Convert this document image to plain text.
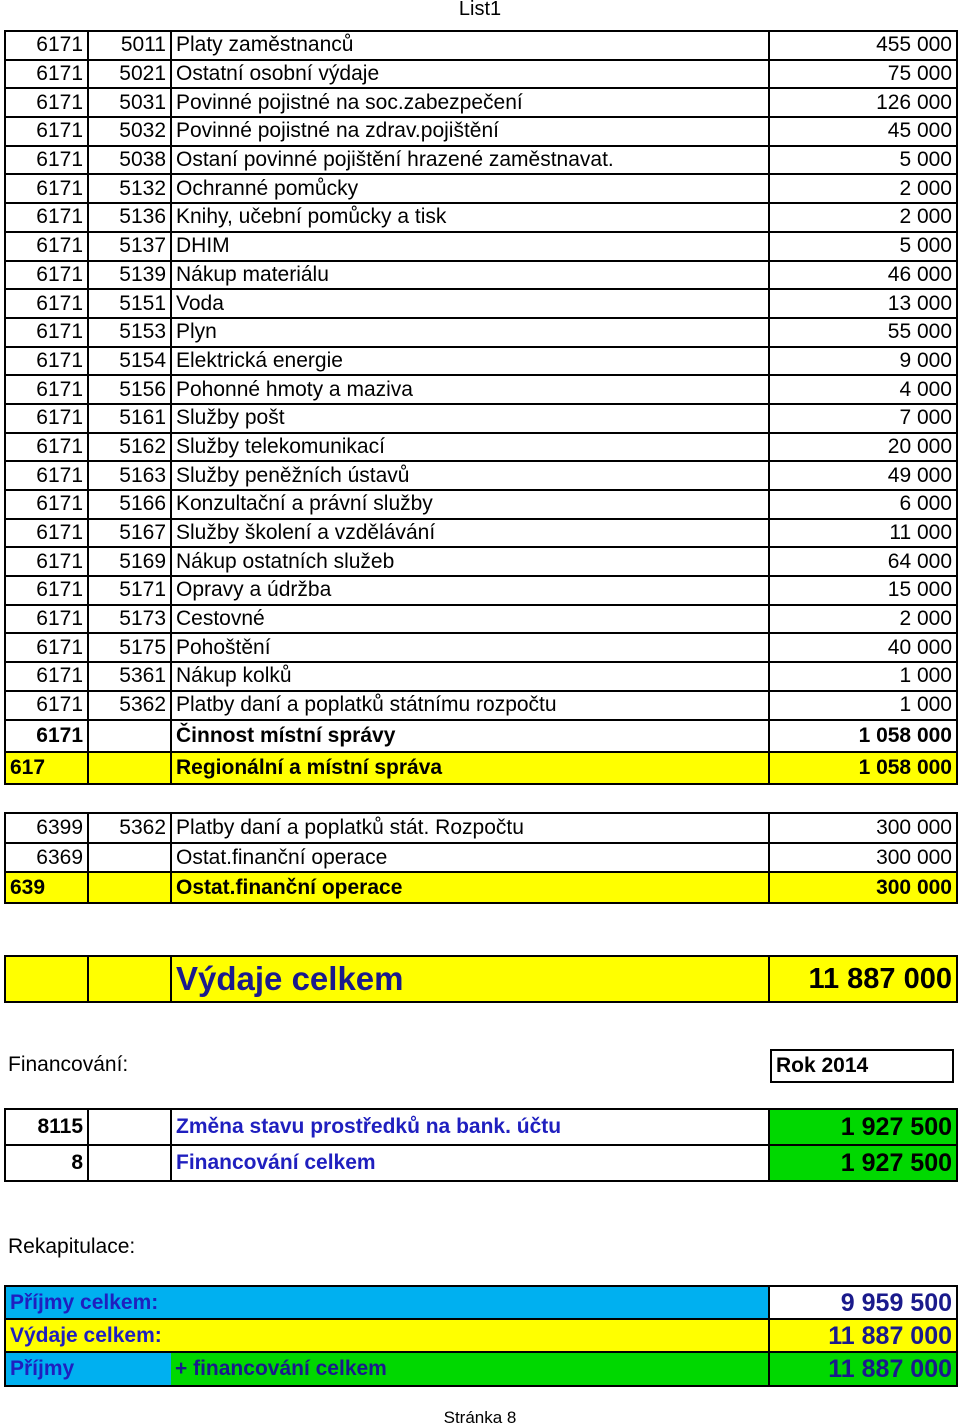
List1
6171	5011	Platy zaměstnanců	455 000
6171	5021	Ostatní osobní výdaje	75 000
6171	5031	Povinné pojistné na soc.zabezpečení	126 000
6171	5032	Povinné pojistné na zdrav.pojištění	45 000
6171	5038	Ostaní povinné pojištění hrazené zaměstnavat.	5 000
6171	5132	Ochranné pomůcky	2 000
6171	5136	Knihy, učební pomůcky a tisk	2 000
6171	5137	DHIM	5 000
6171	5139	Nákup materiálu	46 000
6171	5151	Voda	13 000
6171	5153	Plyn	55 000
6171	5154	Elektrická energie	9 000
6171	5156	Pohonné hmoty a maziva	4 000
6171	5161	Služby pošt	7 000
6171	5162	Služby telekomunikací	20 000
6171	5163	Služby peněžních ústavů	49 000
6171	5166	Konzultační a právní služby	6 000
6171	5167	Služby školení a vzdělávání	11 000
6171	5169	Nákup ostatních služeb	64 000
6171	5171	Opravy a údržba	15 000
6171	5173	Cestovné	2 000
6171	5175	Pohoštění	40 000
6171	5361	Nákup kolků	1 000
6171	5362	Platby daní a poplatků státnímu rozpočtu	1 000
6171		Činnost místní správy	1 058 000
617		Regionální a místní správa	1 058 000
6399	5362	Platby daní a poplatků stát. Rozpočtu	300 000
6369		Ostat.finanční operace	300 000
639		Ostat.finanční operace	300 000
		Výdaje celkem	11 887 000
Financování:	Rok 2014
8115		Změna stavu prostředků na bank. účtu	1 927 500
8		Financování celkem	1 927 500
Rekapitulace:
Příjmy celkem:		9 959 500
Výdaje celkem:		11 887 000
Příjmy	+ financování celkem	11 887 000
Stránka 8
